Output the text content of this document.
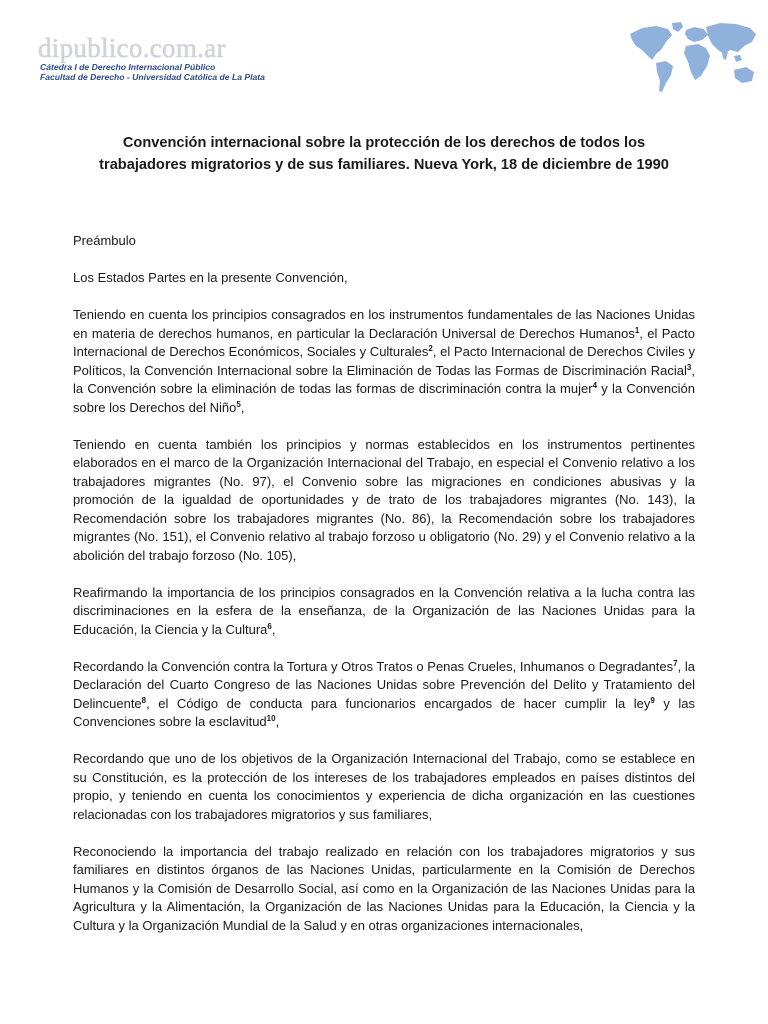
dipublico.com.ar
Cátedra I de Derecho Internacional Público
Facultad de Derecho - Universidad Católica de La Plata
Convención internacional sobre la protección de los derechos de todos los
trabajadores migratorios y de sus familiares. Nueva York, 18 de diciembre de 1990

Preámbulo

Los Estados Partes en la presente Convención,

Teniendo en cuenta los principios consagrados en los instrumentos fundamentales de las Naciones Unidas en materia de derechos humanos, en particular la Declaración Universal de Derechos Humanos$^1$, el Pacto Internacional de Derechos Económicos, Sociales y Culturales$^2$, el Pacto Internacional de Derechos Civiles y Políticos, la Convención Internacional sobre la Eliminación de Todas las Formas de Discriminación Racial$^3$, la Convención sobre la eliminación de todas las formas de discriminación contra la mujer$^4$ y la Convención sobre los Derechos del Niño$^5$,

Teniendo en cuenta también los principios y normas establecidos en los instrumentos pertinentes elaborados en el marco de la Organización Internacional del Trabajo, en especial el Convenio relativo a los trabajadores migrantes (No. 97), el Convenio sobre las migraciones en condiciones abusivas y la promoción de la igualdad de oportunidades y de trato de los trabajadores migrantes (No. 143), la Recomendación sobre los trabajadores migrantes (No. 86), la Recomendación sobre los trabajadores migrantes (No. 151), el Convenio relativo al trabajo forzoso u obligatorio (No. 29) y el Convenio relativo a la abolición del trabajo forzoso (No. 105),

Reafirmando la importancia de los principios consagrados en la Convención relativa a la lucha contra las discriminaciones en la esfera de la enseñanza, de la Organización de las Naciones Unidas para la Educación, la Ciencia y la Cultura$^6$,

Recordando la Convención contra la Tortura y Otros Tratos o Penas Crueles, Inhumanos o Degradantes$^7$, la Declaración del Cuarto Congreso de las Naciones Unidas sobre Prevención del Delito y Tratamiento del Delincuente$^8$, el Código de conducta para funcionarios encargados de hacer cumplir la ley$^9$ y las Convenciones sobre la esclavitud$^{10}$,

Recordando que uno de los objetivos de la Organización Internacional del Trabajo, como se establece en su Constitución, es la protección de los intereses de los trabajadores empleados en países distintos del propio, y teniendo en cuenta los conocimientos y experiencia de dicha organización en las cuestiones relacionadas con los trabajadores migratorios y sus familiares,

Reconociendo la importancia del trabajo realizado en relación con los trabajadores migratorios y sus familiares en distintos órganos de las Naciones Unidas, particularmente en la Comisión de Derechos Humanos y la Comisión de Desarrollo Social, así como en la Organización de las Naciones Unidas para la Agricultura y la Alimentación, la Organización de las Naciones Unidas para la Educación, la Ciencia y la Cultura y la Organización Mundial de la Salud y en otras organizaciones internacionales,
